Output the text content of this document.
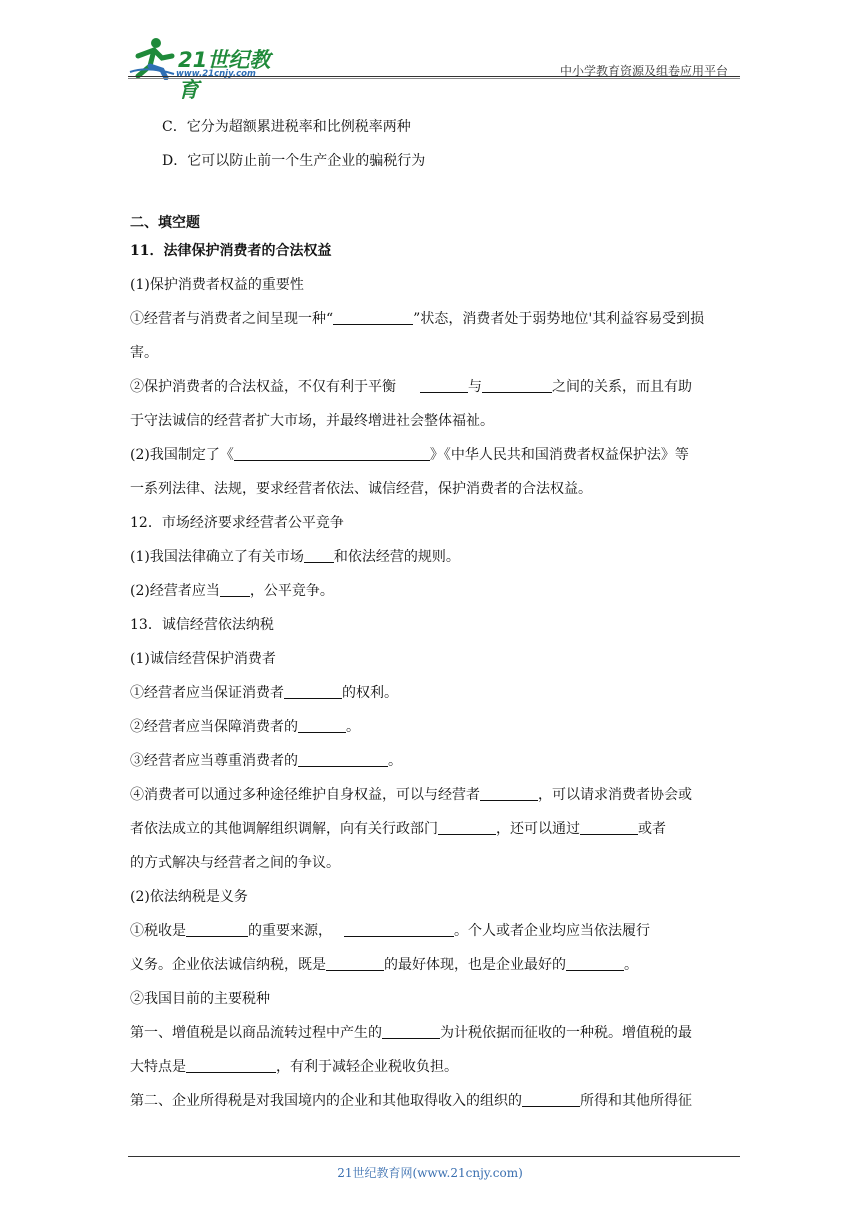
21世纪教育
www.21cnjy.com	中小学教育资源及组卷应用平台
C．它分为超额累进税率和比例税率两种
D．它可以防止前一个生产企业的骗税行为
二、填空题
11．法律保护消费者的合法权益
(1)保护消费者权益的重要性
①经营者与消费者之间呈现一种“	”状态，消费者处于弱势地位'其利益容易受到损
害。
②保护消费者的合法权益，不仅有利于平衡	与	之间的关系，而且有助
于守法诚信的经营者扩大市场，并最终增进社会整体福祉。
(2)我国制定了《	》《中华人民共和国消费者权益保护法》等
一系列法律、法规，要求经营者依法、诚信经营，保护消费者的合法权益。
12．市场经济要求经营者公平竞争
(1)我国法律确立了有关市场 和依法经营的规则。
(2)经营者应当 ，公平竞争。
13．诚信经营依法纳税
(1)诚信经营保护消费者
①经营者应当保证消费者	的权利。
②经营者应当保障消费者的	。
③经营者应当尊重消费者的	。
④消费者可以通过多种途径维护自身权益，可以与经营者	，可以请求消费者协会或
者依法成立的其他调解组织调解，向有关行政部门	，还可以通过	或者
的方式解决与经营者之间的争议。
(2)依法纳税是义务
①税收是	的重要来源，	。个人或者企业均应当依法履行
义务。企业依法诚信纳税，既是	的最好体现，也是企业最好的	。
②我国目前的主要税种
第一、增值税是以商品流转过程中产生的	为计税依据而征收的一种税。增值税的最
大特点是	，有利于减轻企业税收负担。
第二、企业所得税是对我国境内的企业和其他取得收入的组织的	所得和其他所得征
21世纪教育网(www.21cnjy.com)
